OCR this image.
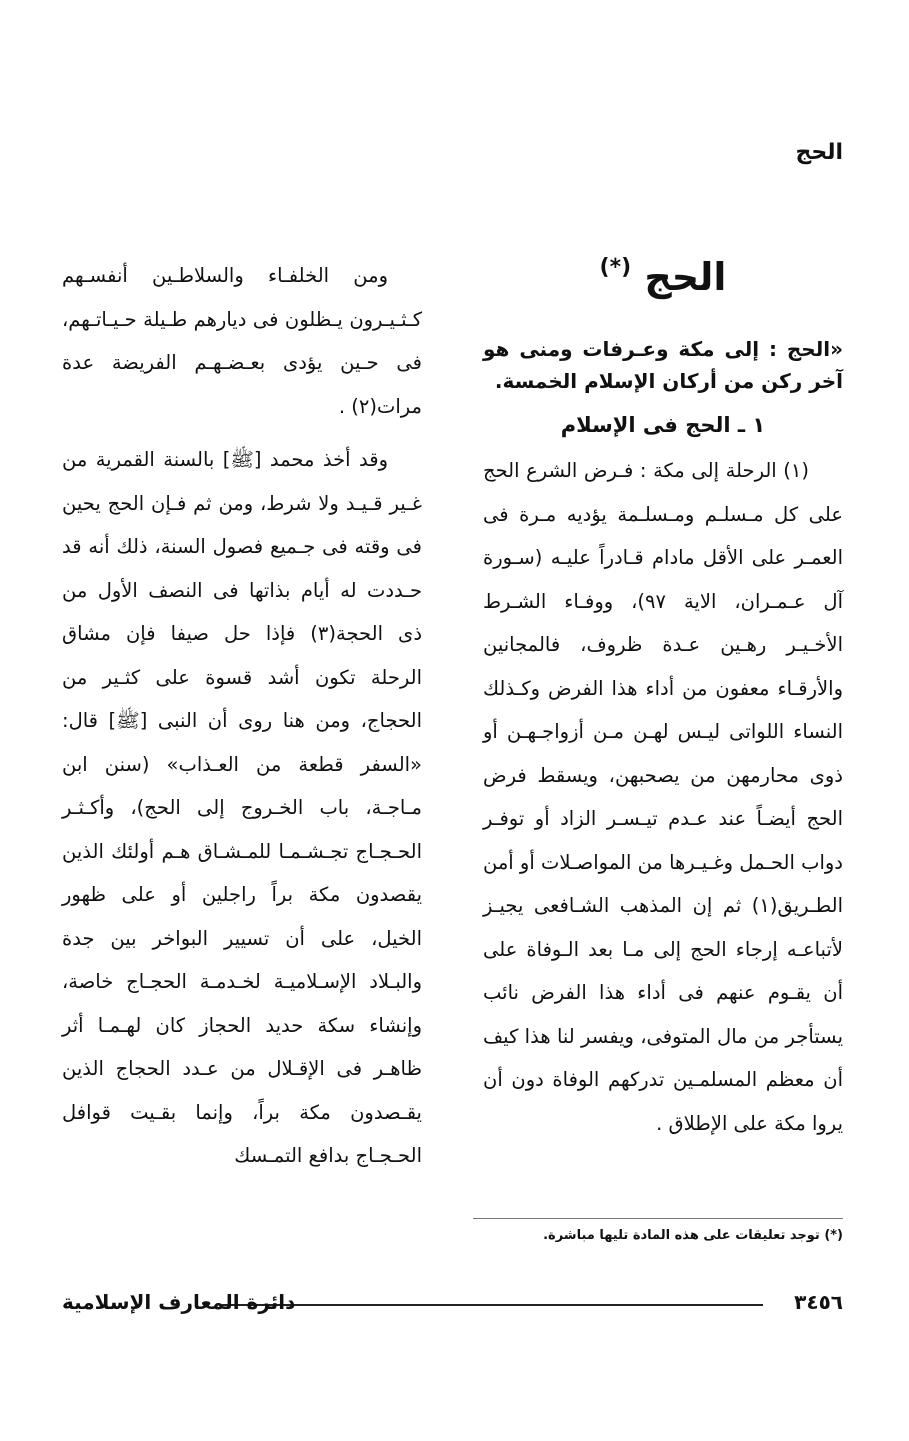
الحج
الحج (*)

«الحج : إلى مكة وعـرفات ومنى هو آخر ركن من أركان الإسلام الخمسة.

١ ـ الحج فى الإسلام

(١) الرحلة إلى مكة : فـرض الشرع الحج على كل مـسلـم ومـسلـمة يؤديه مـرة فى العمـر على الأقل مادام قـادراً عليـه (سـورة آل عـمـران، الاية ٩٧)، ووفـاء الشـرط الأخـيـر رهـين عـدة ظروف، فالمجانين والأرقـاء معفون من أداء هذا الفرض وكـذلك النساء اللواتى ليـس لهـن مـن أزواجـهـن أو ذوى محارمهن من يصحبهن، ويسقط فرض الحج أيضـاً عند عـدم تيـسـر الزاد أو توفـر دواب الحـمل وغـيـرها من المواصـلات أو أمن الطـريق(١) ثم إن المذهب الشـافعى يجيـز لأتباعـه إرجاء الحج إلى مـا بعد الـوفاة على أن يقـوم عنهم فى أداء هذا الفرض نائب يستأجر من مال المتوفى، ويفسر لنا هذا كيف أن معظم المسلمـين تدركهم الوفاة دون أن يروا مكة على الإطلاق .

ومن الخلفـاء والسلاطـين أنفسـهم كـثـيـرون يـظلون فى ديارهم طـيلة حـيـاتـهم، فى حـين يؤدى بعـضـهـم الفريضة عدة مرات(٢) .

وقد أخذ محمد [ﷺ] بالسنة القمرية من غـير قـيـد ولا شرط، ومن ثم فـإن الحج يحين فى وقته فى جـميع فصول السنة، ذلك أنه قد حـددت له أيام بذاتها فى النصف الأول من ذى الحجة(٣) فإذا حل صيفا فإن مشاق الرحلة تكون أشد قسوة على كثـير من الحجاج، ومن هنا روى أن النبى [ﷺ] قال: «السفر قطعة من العـذاب» (سنن ابن مـاجـة، باب الخـروج إلى الحج)، وأكـثـر الحـجـاج تجـشـمـا للمـشـاق هـم أولئك الذين يقصدون مكة براً راجلين أو على ظهور الخيل، على أن تسيير البواخر بين جدة والبـلاد الإسـلاميـة لخـدمـة الحجـاج خاصة، وإنشاء سكة حديد الحجاز كان لهـمـا أثر ظاهـر فى الإقـلال من عـدد الحجاج الذين يقـصدون مكة براً، وإنما بقـيت قوافل الحـجـاج بدافع التمـسك

(*) توجد تعليقات على هذه المادة تليها مباشرة.

٣٤٥٦
دائرة المعارف الإسلامية
